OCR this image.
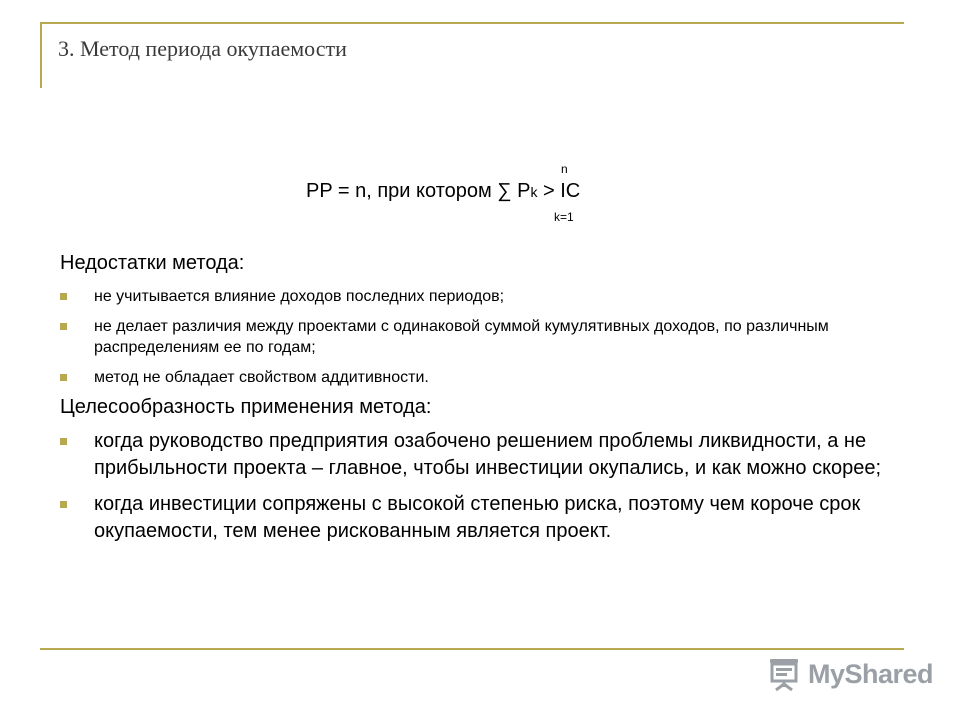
3. Метод периода окупаемости
n
PP = n, при котором ∑ Pk > IC
k=1
Недостатки метода:
не учитывается влияние доходов последних периодов;
не делает различия между проектами с одинаковой суммой кумулятивных доходов, по различным распределениям ее по годам;
метод не обладает свойством аддитивности.
Целесообразность применения метода:
когда руководство предприятия озабочено решением проблемы ликвидности, а не прибыльности проекта – главное, чтобы инвестиции окупались, и как можно скорее;
когда инвестиции сопряжены с высокой степенью риска, поэтому чем короче срок окупаемости, тем менее рискованным является проект.
MyShared
